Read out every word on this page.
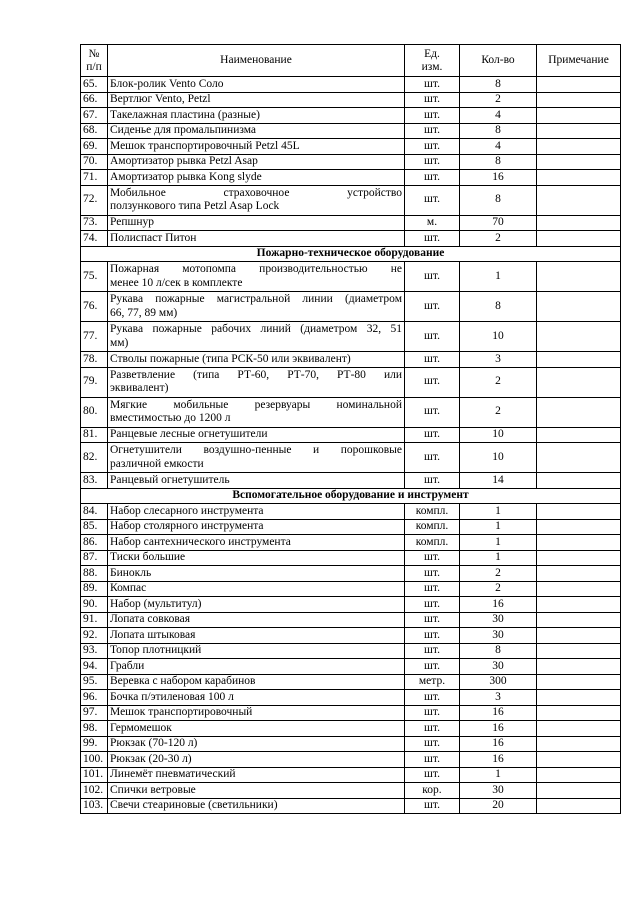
№ п/п	Наименование	Ед. изм.	Кол-во	Примечание
65.	Блок-ролик Vento Соло	шт.	8	
66.	Вертлюг Vento, Petzl	шт.	2	
67.	Такелажная пластина (разные)	шт.	4	
68.	Сиденье для промальпинизма	шт.	8	
69.	Мешок транспортировочный Petzl 45L	шт.	4	
70.	Амортизатор рывка Petzl Asap	шт.	8	
71.	Амортизатор рывка Kong slyde	шт.	16	
72.	Мобильное страховочное устройство
ползункового типа Petzl Asap Lock	шт.	8	
73.	Репшнур	м.	70	
74.	Полиспаст Питон	шт.	2	
Пожарно-техническое оборудование				
75.	Пожарная мотопомпа производительностью не
менее 10 л/сек в комплекте	шт.	1	
76.	Рукава пожарные магистральной линии (диаметром
66, 77, 89 мм)	шт.	8	
77.	Рукава пожарные рабочих линий (диаметром 32, 51
мм)	шт.	10	
78.	Стволы пожарные (типа РСК-50 или эквивалент)	шт.	3	
79.	Разветвление (типа РТ-60, РТ-70, РТ-80 или
эквивалент)	шт.	2	
80.	Мягкие мобильные резервуары номинальной
вместимостью до 1200 л	шт.	2	
81.	Ранцевые лесные огнетушители	шт.	10	
82.	Огнетушители воздушно-пенные и порошковые
различной емкости	шт.	10	
83.	Ранцевый огнетушитель	шт.	14	
Вспомогательное оборудование и инструмент				
84.	Набор слесарного инструмента	компл.	1	
85.	Набор столярного инструмента	компл.	1	
86.	Набор сантехнического инструмента	компл.	1	
87.	Тиски большие	шт.	1	
88.	Бинокль	шт.	2	
89.	Компас	шт.	2	
90.	Набор (мультитул)	шт.	16	
91.	Лопата совковая	шт.	30	
92.	Лопата штыковая	шт.	30	
93.	Топор плотницкий	шт.	8	
94.	Грабли	шт.	30	
95.	Веревка с набором карабинов	метр.	300	
96.	Бочка п/этиленовая 100 л	шт.	3	
97.	Мешок транспортировочный	шт.	16	
98.	Гермомешок	шт.	16	
99.	Рюкзак (70-120 л)	шт.	16	
100.	Рюкзак (20-30 л)	шт.	16	
101.	Линемёт пневматический	шт.	1	
102.	Спички ветровые	кор.	30	
103.	Свечи стеариновые (светильники)	шт.	20	
